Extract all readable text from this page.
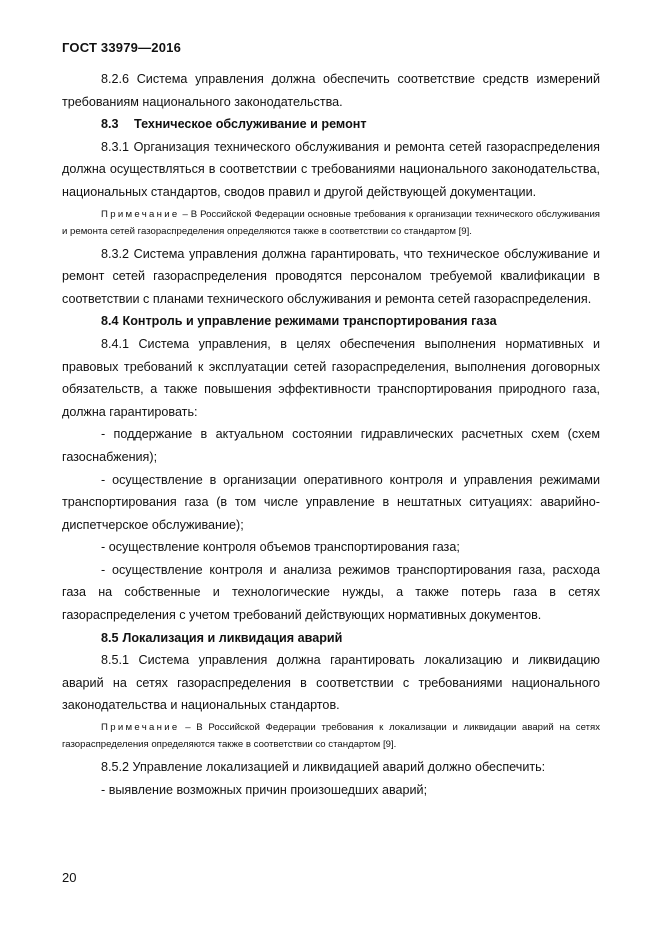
ГОСТ 33979—2016

8.2.6 Система управления должна обеспечить соответствие средств измерений требованиям национального законодательства.

8.3 Техническое обслуживание и ремонт

8.3.1 Организация технического обслуживания и ремонта сетей газораспределения должна осуществляться в соответствии с требованиями национального законодательства, национальных стандартов, сводов правил и другой действующей документации.

Примечание – В Российской Федерации основные требования к организации технического обслуживания и ремонта сетей газораспределения определяются также в соответствии со стандартом [9].

8.3.2 Система управления должна гарантировать, что техническое обслуживание и ремонт сетей газораспределения проводятся персоналом требуемой квалификации в соответствии с планами технического обслуживания и ремонта сетей газораспределения.

8.4 Контроль и управление режимами транспортирования газа

8.4.1 Система управления, в целях обеспечения выполнения нормативных и правовых требований к эксплуатации сетей газораспределения, выполнения договорных обязательств, а также повышения эффективности транспортирования природного газа, должна гарантировать:

- поддержание в актуальном состоянии гидравлических расчетных схем (схем газоснабжения);

- осуществление в организации оперативного контроля и управления режимами транспортирования газа (в том числе управление в нештатных ситуациях: аварийно-диспетчерское обслуживание);

- осуществление контроля объемов транспортирования газа;

- осуществление контроля и анализа режимов транспортирования газа, расхода газа на собственные и технологические нужды, а также потерь газа в сетях газораспределения с учетом требований действующих нормативных документов.

8.5 Локализация и ликвидация аварий

8.5.1 Система управления должна гарантировать локализацию и ликвидацию аварий на сетях газораспределения в соответствии с требованиями национального законодательства и национальных стандартов.

Примечание – В Российской Федерации требования к локализации и ликвидации аварий на сетях газораспределения определяются также в соответствии со стандартом [9].

8.5.2 Управление локализацией и ликвидацией аварий должно обеспечить:

- выявление возможных причин произошедших аварий;

20
